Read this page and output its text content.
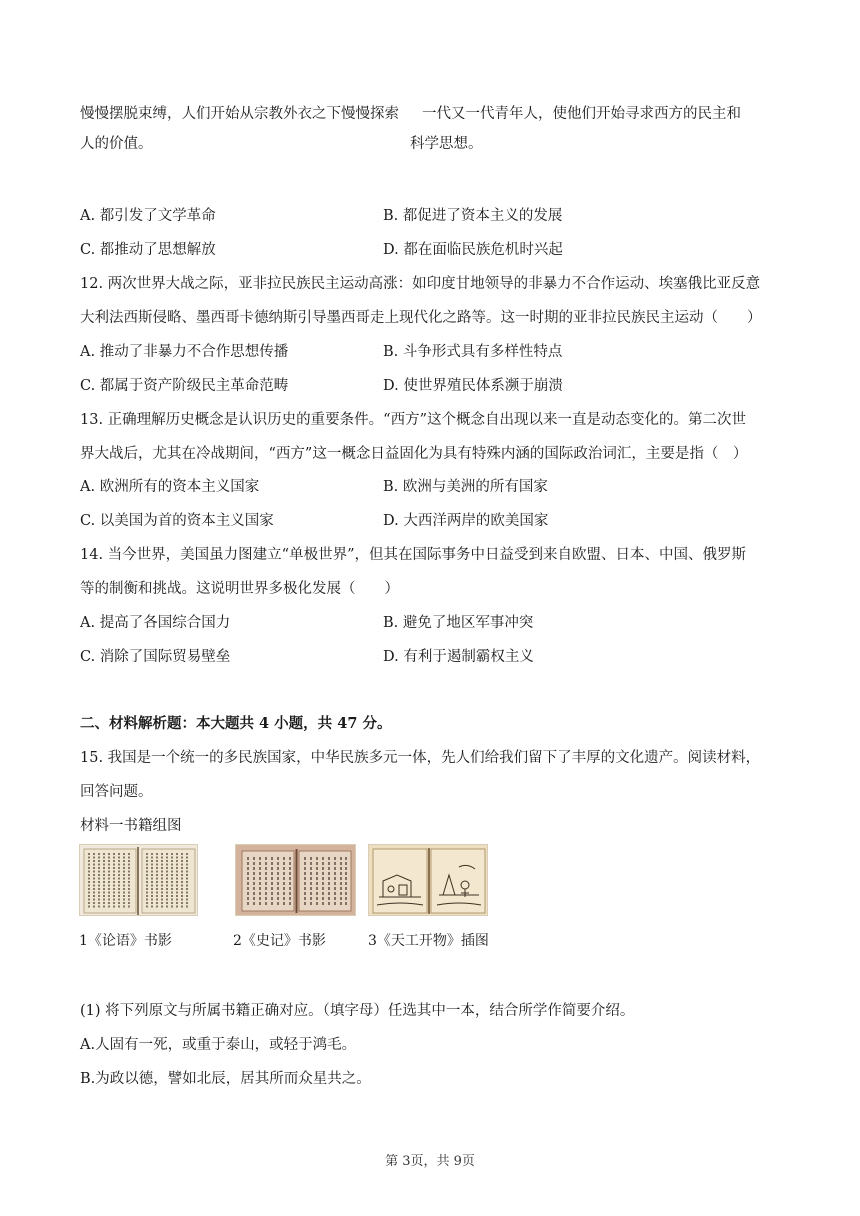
慢慢摆脱束缚，人们开始从宗教外衣之下慢慢探索
人的价值。
一代又一代青年人，使他们开始寻求西方的民主和
科学思想。
A. 都引发了文学革命	B. 都促进了资本主义的发展
C. 都推动了思想解放	D. 都在面临民族危机时兴起
12. 两次世界大战之际，亚非拉民族民主运动高涨：如印度甘地领导的非暴力不合作运动、埃塞俄比亚反意
大利法西斯侵略、墨西哥卡德纳斯引导墨西哥走上现代化之路等。这一时期的亚非拉民族民主运动（　　）
A. 推动了非暴力不合作思想传播	B. 斗争形式具有多样性特点
C. 都属于资产阶级民主革命范畴	D. 使世界殖民体系濒于崩溃
13. 正确理解历史概念是认识历史的重要条件。“西方”这个概念自出现以来一直是动态变化的。第二次世
界大战后，尤其在冷战期间，“西方”这一概念日益固化为具有特殊内涵的国际政治词汇，主要是指（　）
A. 欧洲所有的资本主义国家	B. 欧洲与美洲的所有国家
C. 以美国为首的资本主义国家	D. 大西洋两岸的欧美国家
14. 当今世界，美国虽力图建立“单极世界”，但其在国际事务中日益受到来自欧盟、日本、中国、俄罗斯
等的制衡和挑战。这说明世界多极化发展（　　）
A. 提高了各国综合国力	B. 避免了地区军事冲突
C. 消除了国际贸易壁垒	D. 有利于遏制霸权主义
二、材料解析题：本大题共 4 小题，共 47 分。
15. 我国是一个统一的多民族国家，中华民族多元一体，先人们给我们留下了丰厚的文化遗产。阅读材料，
回答问题。
材料一书籍组图
1《论语》书影	2《史记》书影	3《天工开物》插图
(1) 将下列原文与所属书籍正确对应。（填字母）任选其中一本，结合所学作简要介绍。
A.人固有一死，或重于泰山，或轻于鸿毛。
B.为政以德，譬如北辰，居其所而众星共之。
第 3页，共 9页
